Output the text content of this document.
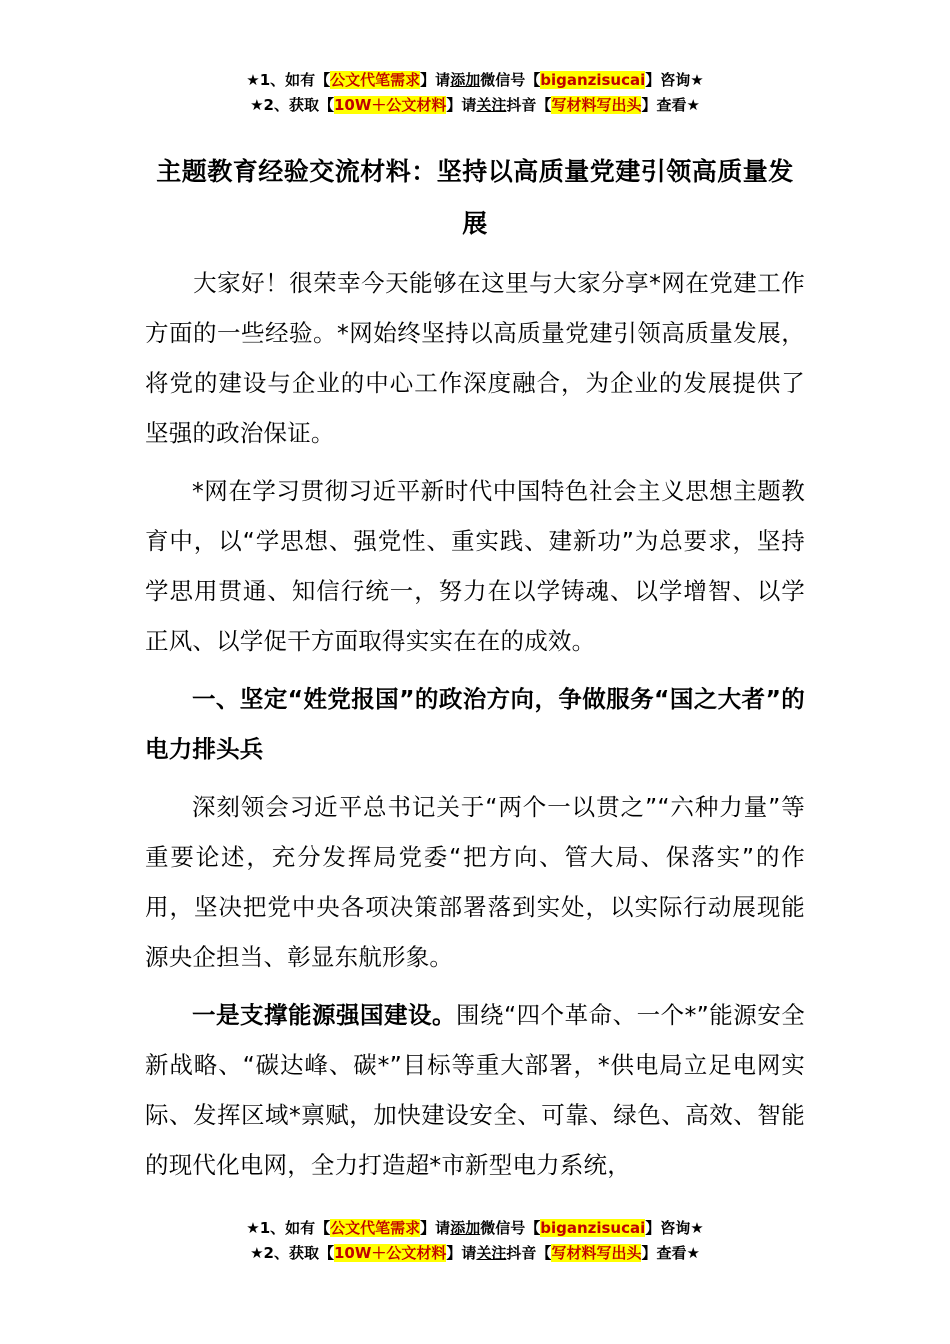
★1、如有【公文代笔需求】请添加微信号【biganzisucai】咨询★
★2、获取【10W＋公文材料】请关注抖音【写材料写出头】查看★
主题教育经验交流材料：坚持以高质量党建引领高质量发展

大家好！很荣幸今天能够在这里与大家分享*网在党建工作方面的一些经验。*网始终坚持以高质量党建引领高质量发展，将党的建设与企业的中心工作深度融合，为企业的发展提供了坚强的政治保证。

*网在学习贯彻习近平新时代中国特色社会主义思想主题教育中，以“学思想、强党性、重实践、建新功”为总要求，坚持学思用贯通、知信行统一，努力在以学铸魂、以学增智、以学正风、以学促干方面取得实实在在的成效。

一、坚定“姓党报国”的政治方向，争做服务“国之大者”的电力排头兵

深刻领会习近平总书记关于“两个一以贯之”“六种力量”等重要论述，充分发挥局党委“把方向、管大局、保落实”的作用，坚决把党中央各项决策部署落到实处，以实际行动展现能源央企担当、彰显东航形象。

一是支撑能源强国建设。围绕“四个革命、一个*”能源安全新战略、“碳达峰、碳*”目标等重大部署，*供电局立足电网实际、发挥区域*禀赋，加快建设安全、可靠、绿色、高效、智能的现代化电网，全力打造超*市新型电力系统，

★1、如有【公文代笔需求】请添加微信号【biganzisucai】咨询★
★2、获取【10W＋公文材料】请关注抖音【写材料写出头】查看★
